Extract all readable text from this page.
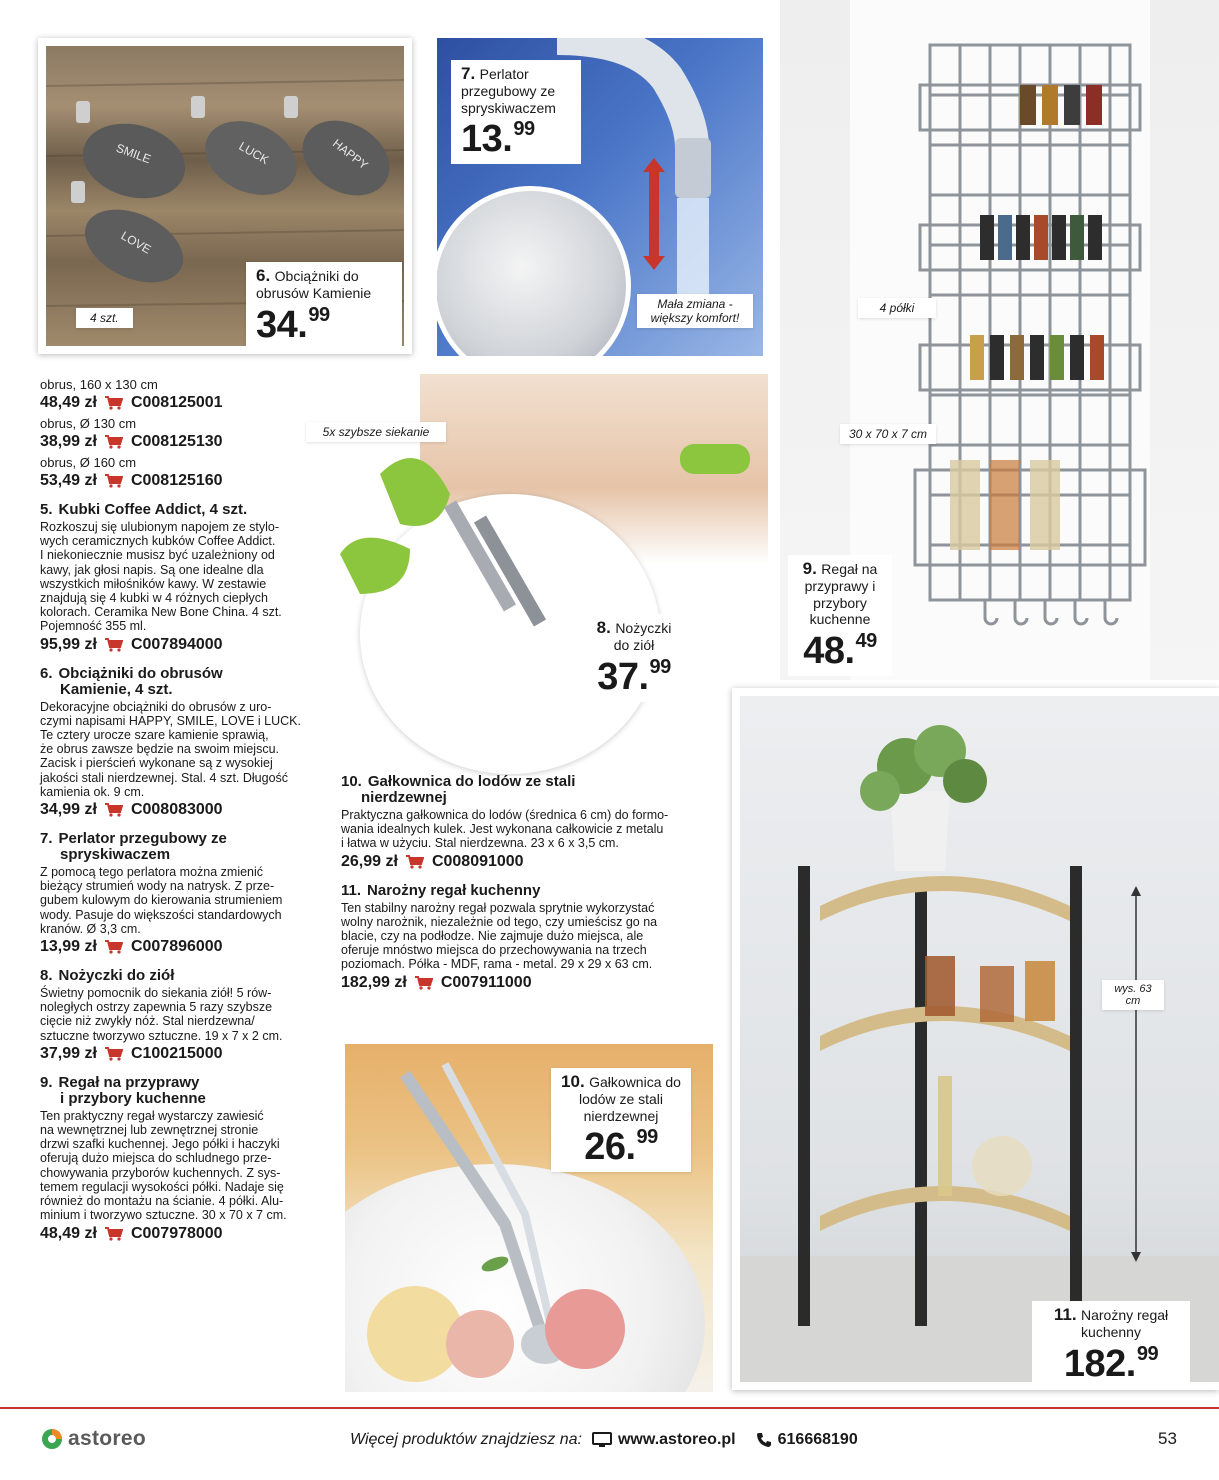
SMILE	LUCK	HAPPY
LOVE
4 szt.
6. Obciążniki do obrusów Kamienie
34.99
7. Perlator przegubowy ze spryskiwaczem
13.99
Mała zmiana - większy komfort!
5x szybsze siekanie
8. Nożyczki do ziół
37.99
4 półki
30 x 70 x 7 cm
9. Regał na przyprawy i przybory kuchenne
48.49
wys. 63 cm
11. Narożny regał kuchenny
182.99
10. Gałkownica do lodów ze stali nierdzewnej
26.99
obrus, 160 x 130 cm
48,49 zł C008125001
obrus, Ø 130 cm
38,99 zł C008125130
obrus, Ø 160 cm
53,49 zł C008125160
5. Kubki Coffee Addict, 4 szt.
Rozkoszuj się ulubionym napojem ze stylo-
wych ceramicznych kubków Coffee Addict.
I niekoniecznie musisz być uzależniony od
kawy, jak głosi napis. Są one idealne dla
wszystkich miłośników kawy. W zestawie
znajdują się 4 kubki w 4 różnych ciepłych
kolorach. Ceramika New Bone China. 4 szt.
Pojemność 355 ml.
95,99 zł C007894000
6. Obciążniki do obrusów
Kamienie, 4 szt.
Dekoracyjne obciążniki do obrusów z uro-
czymi napisami HAPPY, SMILE, LOVE i LUCK.
Te cztery urocze szare kamienie sprawią,
że obrus zawsze będzie na swoim miejscu.
Zacisk i pierścień wykonane są z wysokiej
jakości stali nierdzewnej. Stal. 4 szt. Długość
kamienia ok. 9 cm.
34,99 zł C008083000
7. Perlator przegubowy ze
spryskiwaczem
Z pomocą tego perlatora można zmienić
bieżący strumień wody na natrysk. Z prze-
gubem kulowym do kierowania strumieniem
wody. Pasuje do większości standardowych
kranów. Ø 3,3 cm.
13,99 zł C007896000
8. Nożyczki do ziół
Świetny pomocnik do siekania ziół! 5 rów-
noległych ostrzy zapewnia 5 razy szybsze
cięcie niż zwykły nóż. Stal nierdzewna/
sztuczne tworzywo sztuczne. 19 x 7 x 2 cm.
37,99 zł C100215000
9. Regał na przyprawy
i przybory kuchenne
Ten praktyczny regał wystarczy zawiesić
na wewnętrznej lub zewnętrznej stronie
drzwi szafki kuchennej. Jego półki i haczyki
oferują dużo miejsca do schludnego prze-
chowywania przyborów kuchennych. Z sys-
temem regulacji wysokości półki. Nadaje się
również do montażu na ścianie. 4 półki. Alu-
minium i tworzywo sztuczne. 30 x 70 x 7 cm.
48,49 zł C007978000
10. Gałkownica do lodów ze stali
nierdzewnej
Praktyczna gałkownica do lodów (średnica 6 cm) do formo-
wania idealnych kulek. Jest wykonana całkowicie z metalu
i łatwa w użyciu. Stal nierdzewna. 23 x 6 x 3,5 cm.
26,99 zł C008091000
11. Narożny regał kuchenny
Ten stabilny narożny regał pozwala sprytnie wykorzystać
wolny narożnik, niezależnie od tego, czy umieścisz go na
blacie, czy na podłodze. Nie zajmuje dużo miejsca, ale
oferuje mnóstwo miejsca do przechowywania na trzech
poziomach. Półka - MDF, rama - metal. 29 x 29 x 63 cm.
182,99 zł C007911000
astoreo	Więcej produktów znajdziesz na: www.astoreo.pl	616668190	53
